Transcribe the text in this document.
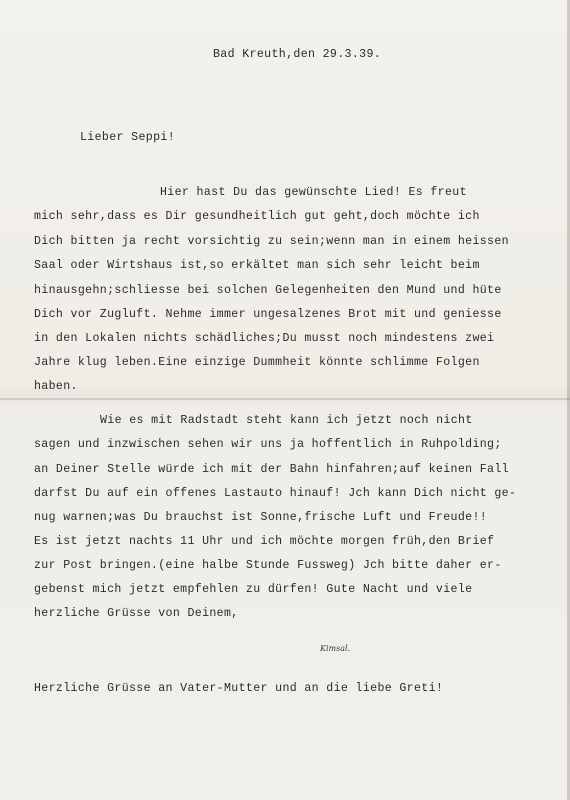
Bad Kreuth,den 29.3.39.
Lieber Seppi!
Hier hast Du das gewünschte Lied! Es freut
mich sehr,dass es Dir gesundheitlich gut geht,doch möchte ich
Dich bitten ja recht vorsichtig zu sein;wenn man in einem heissen
Saal oder Wirtshaus ist,so erkältet man sich sehr leicht beim
hinausgehn;schliesse bei solchen Gelegenheiten den Mund und hüte
Dich vor Zugluft. Nehme immer ungesalzenes Brot mit und geniesse
in den Lokalen nichts schädliches;Du musst noch mindestens zwei
Jahre klug leben.Eine einzige Dummheit könnte schlimme Folgen
haben.
Wie es mit Radstadt steht kann ich jetzt noch nicht
sagen und inzwischen sehen wir uns ja hoffentlich in Ruhpolding;
an Deiner Stelle würde ich mit der Bahn hinfahren;auf keinen Fall
darfst Du auf ein offenes Lastauto hinauf! Jch kann Dich nicht ge-
nug warnen;was Du brauchst ist Sonne,frische Luft und Freude!!
Es ist jetzt nachts 11 Uhr und ich möchte morgen früh,den Brief
zur Post bringen.(eine halbe Stunde Fussweg) Jch bitte daher er-
gebenst mich jetzt empfehlen zu dürfen! Gute Nacht und viele
herzliche Grüsse von Deinem,
Kimsal.
Herzliche Grüsse an Vater-Mutter und an die liebe Greti!
